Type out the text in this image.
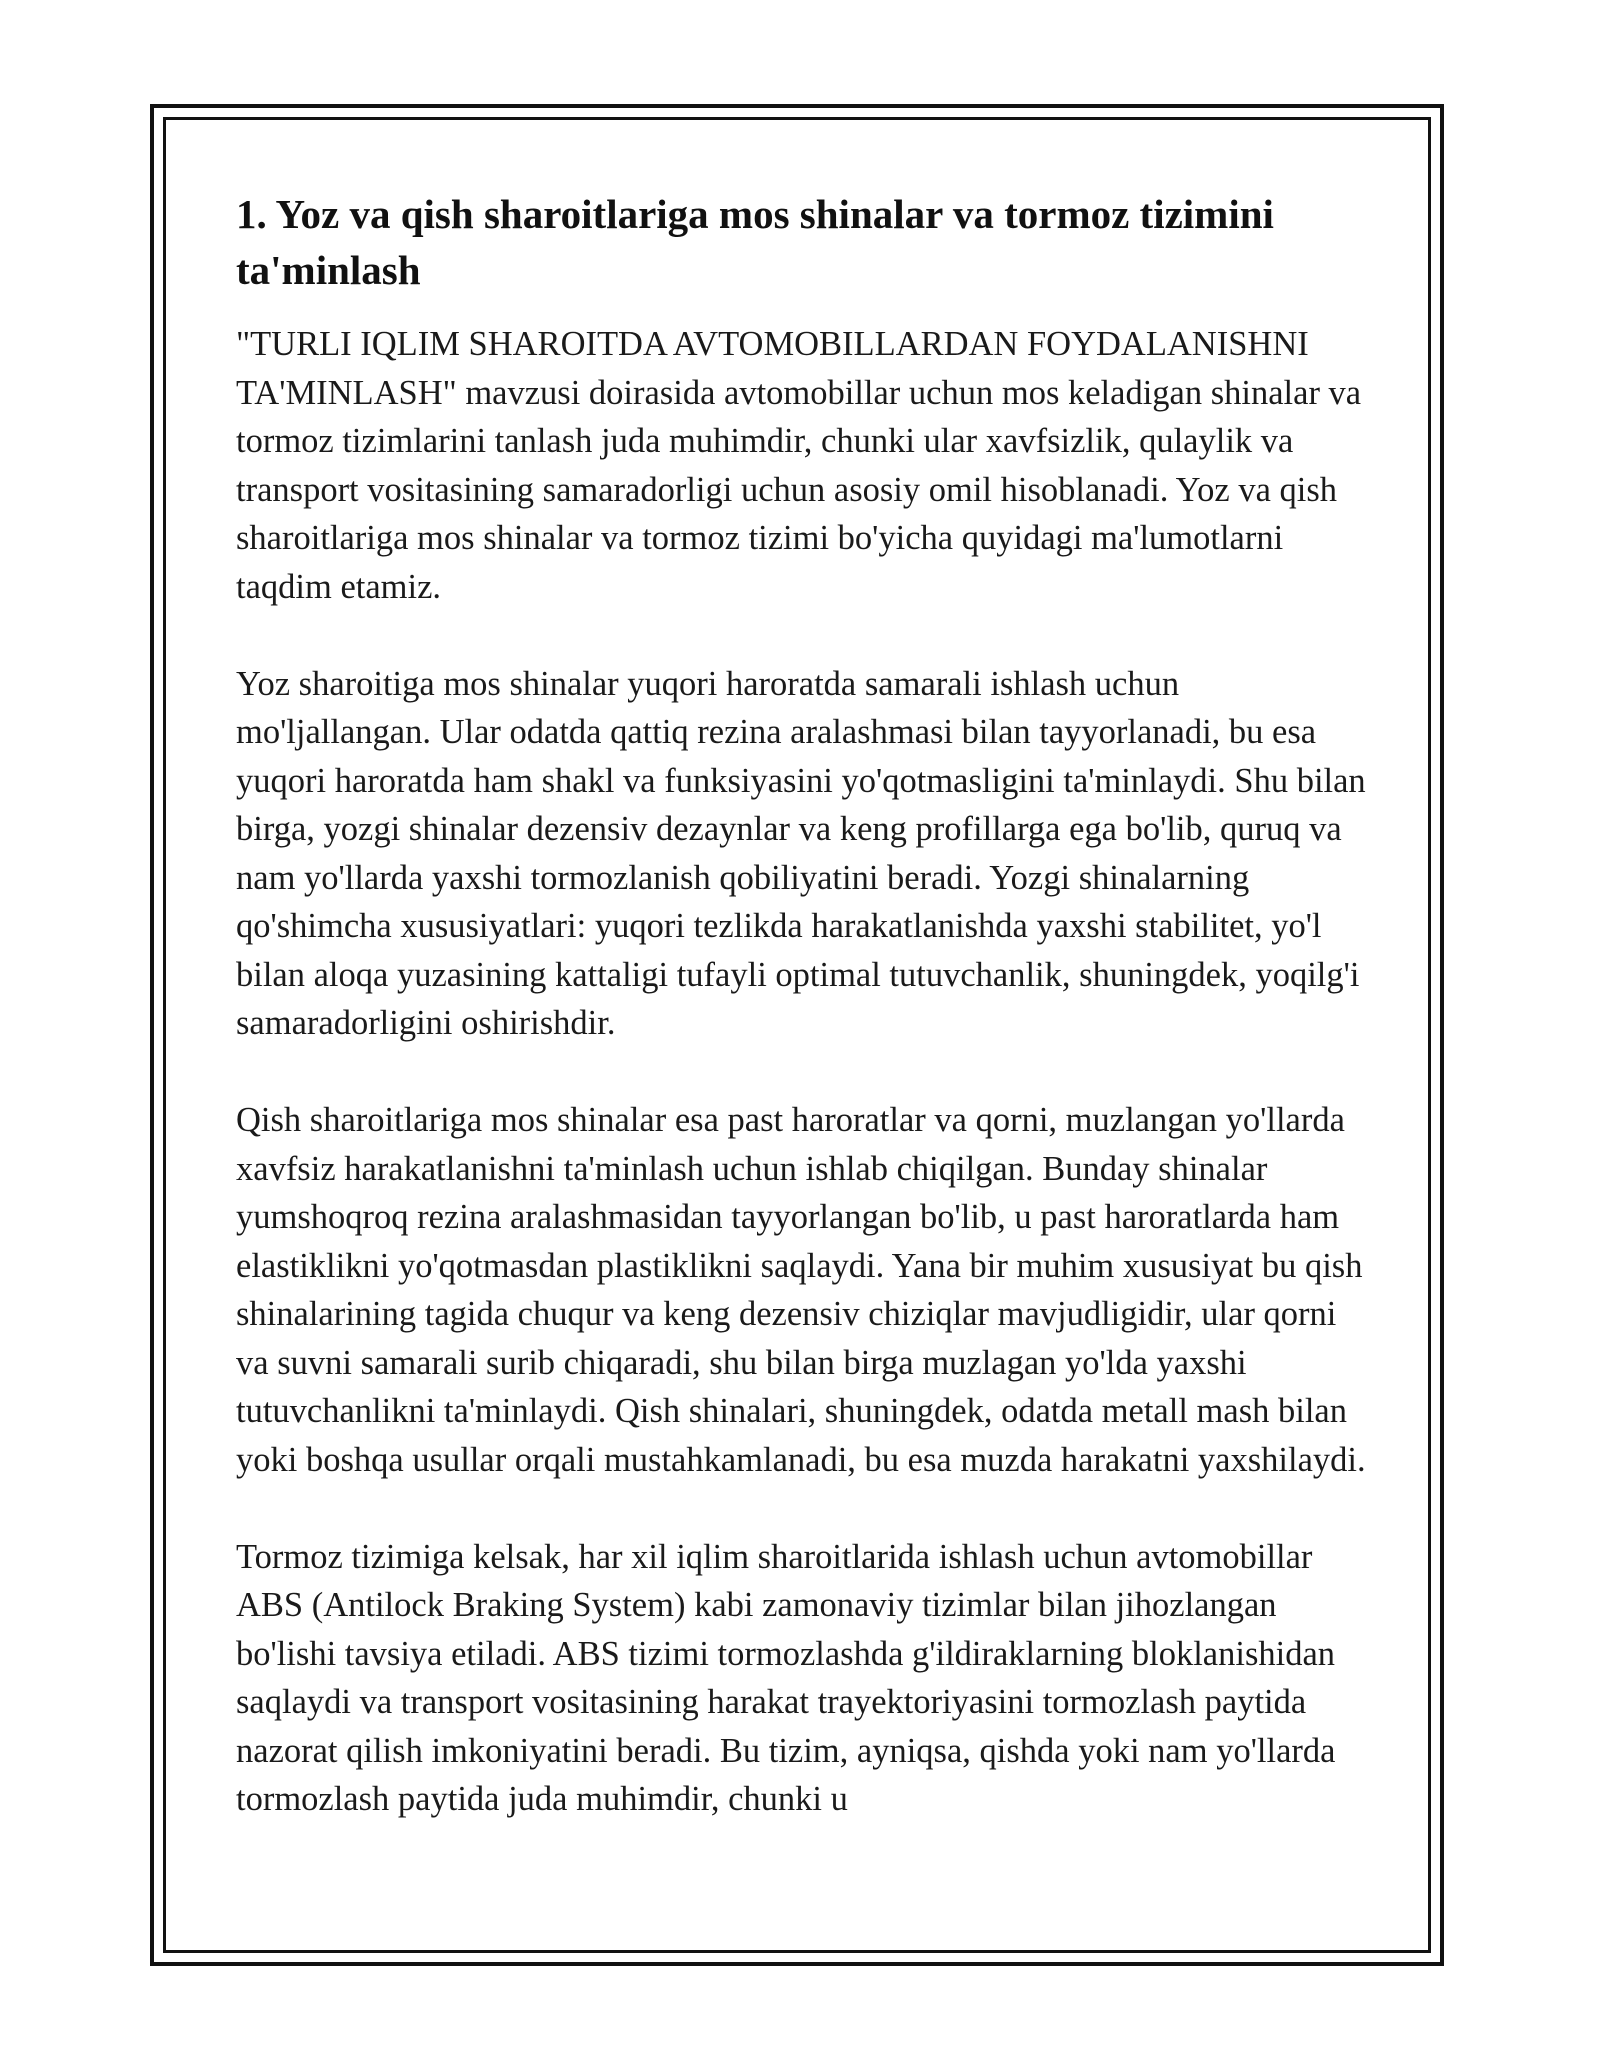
1. Yoz va qish sharoitlariga mos shinalar va tormoz tizimini ta'minlash

"TURLI IQLIM SHAROITDA AVTOMOBILLARDAN FOYDALANISHNI TA'MINLASH" mavzusi doirasida avtomobillar uchun mos keladigan shinalar va tormoz tizimlarini tanlash juda muhimdir, chunki ular xavfsizlik, qulaylik va transport vositasining samaradorligi uchun asosiy omil hisoblanadi. Yoz va qish sharoitlariga mos shinalar va tormoz tizimi bo'yicha quyidagi ma'lumotlarni taqdim etamiz.

Yoz sharoitiga mos shinalar yuqori haroratda samarali ishlash uchun mo'ljallangan. Ular odatda qattiq rezina aralashmasi bilan tayyorlanadi, bu esa yuqori haroratda ham shakl va funksiyasini yo'qotmasligini ta'minlaydi. Shu bilan birga, yozgi shinalar dezensiv dezaynlar va keng profillarga ega bo'lib, quruq va nam yo'llarda yaxshi tormozlanish qobiliyatini beradi. Yozgi shinalarning qo'shimcha xususiyatlari: yuqori tezlikda harakatlanishda yaxshi stabilitet, yo'l bilan aloqa yuzasining kattaligi tufayli optimal tutuvchanlik, shuningdek, yoqilg'i samaradorligini oshirishdir.

Qish sharoitlariga mos shinalar esa past haroratlar va qorni, muzlangan yo'llarda xavfsiz harakatlanishni ta'minlash uchun ishlab chiqilgan. Bunday shinalar yumshoqroq rezina aralashmasidan tayyorlangan bo'lib, u past haroratlarda ham elastiklikni yo'qotmasdan plastiklikni saqlaydi. Yana bir muhim xususiyat bu qish shinalarining tagida chuqur va keng dezensiv chiziqlar mavjudligidir, ular qorni va suvni samarali surib chiqaradi, shu bilan birga muzlagan yo'lda yaxshi tutuvchanlikni ta'minlaydi. Qish shinalari, shuningdek, odatda metall mash bilan yoki boshqa usullar orqali mustahkamlanadi, bu esa muzda harakatni yaxshilaydi.

Tormoz tizimiga kelsak, har xil iqlim sharoitlarida ishlash uchun avtomobillar ABS (Antilock Braking System) kabi zamonaviy tizimlar bilan jihozlangan bo'lishi tavsiya etiladi. ABS tizimi tormozlashda g'ildiraklarning bloklanishidan saqlaydi va transport vositasining harakat trayektoriyasini tormozlash paytida nazorat qilish imkoniyatini beradi. Bu tizim, ayniqsa, qishda yoki nam yo'llarda tormozlash paytida juda muhimdir, chunki u
